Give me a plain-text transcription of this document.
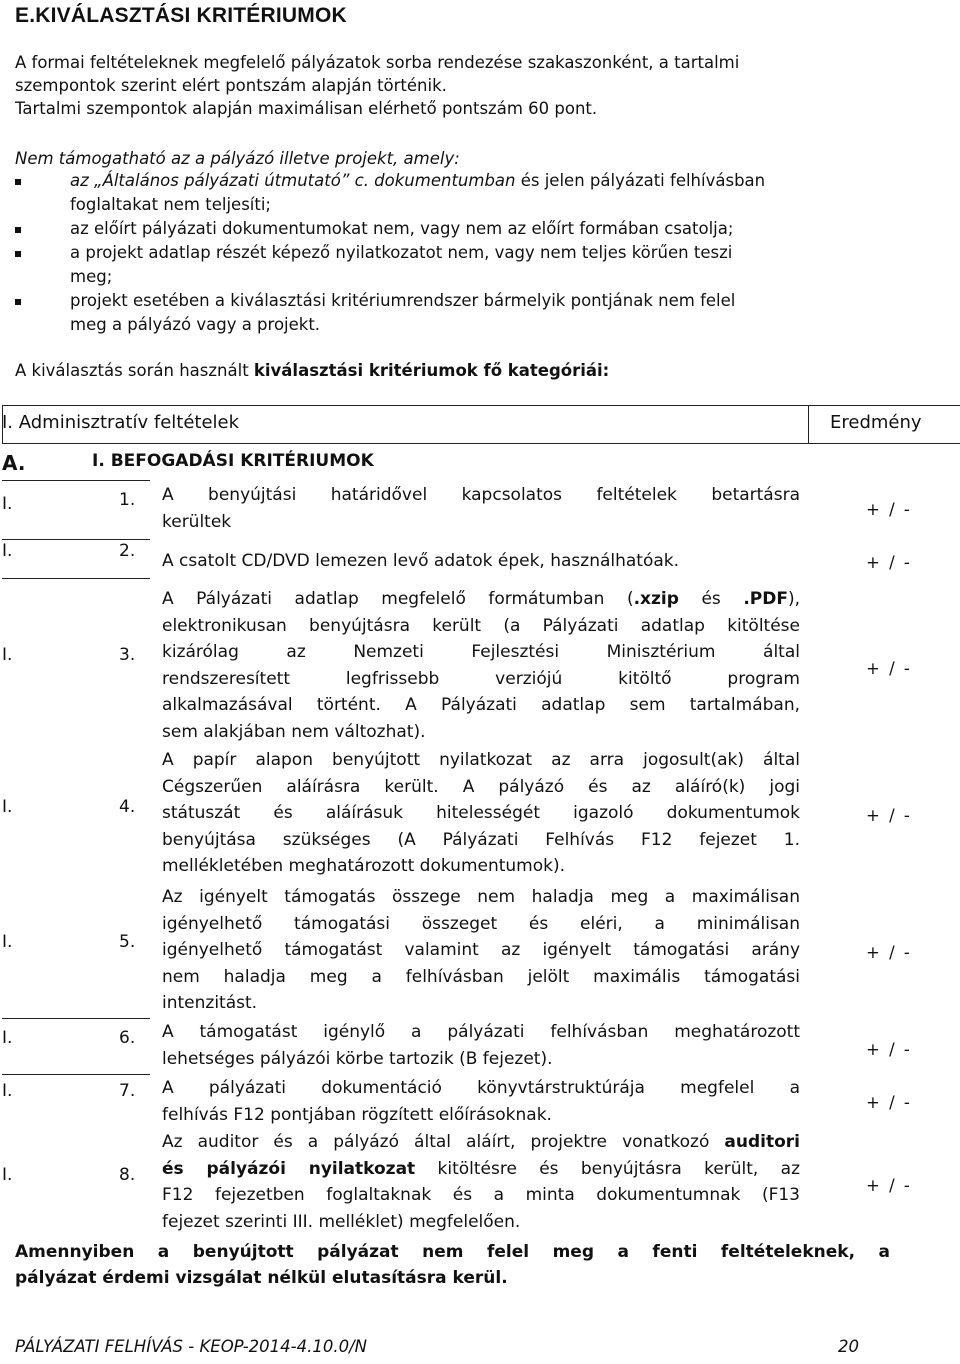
E.KIVÁLASZTÁSI KRITÉRIUMOK
A formai feltételeknek megfelelő pályázatok sorba rendezése szakaszonként, a tartalmi
szempontok szerint elért pontszám alapján történik.
Tartalmi szempontok alapján maximálisan elérhető pontszám 60 pont.
Nem támogatható az a pályázó illetve projekt, amely:
az „Általános pályázati útmutató” c. dokumentumban és jelen pályázati felhívásban
foglaltakat nem teljesíti;
az előírt pályázati dokumentumokat nem, vagy nem az előírt formában csatolja;
a projekt adatlap részét képező nyilatkozatot nem, vagy nem teljes körűen teszi
meg;
projekt esetében a kiválasztási kritériumrendszer bármelyik pontjának nem felel
meg a pályázó vagy a projekt.
A kiválasztás során használt kiválasztási kritériumok fő kategóriái:
I. Adminisztratív feltételek	Eredmény
A.	I. BEFOGADÁSI KRITÉRIUMOK
I.	1. A benyújtási határidővel kapcsolatos feltételek betartásra
kerültek
+ / -
I.	2. A csatolt CD/DVD lemezen levő adatok épek, használhatóak.	+ / -
I.	3.
A Pályázati adatlap megfelelő formátumban (.xzip és .PDF),
elektronikusan benyújtásra került (a Pályázati adatlap kitöltése
kizárólag az Nemzeti Fejlesztési Minisztérium által
rendszeresített legfrissebb verziójú kitöltő program
alkalmazásával történt. A Pályázati adatlap sem tartalmában,
sem alakjában nem változhat).
+ / -
I.	4.
A papír alapon benyújtott nyilatkozat az arra jogosult(ak) által
Cégszerűen aláírásra került. A pályázó és az aláíró(k) jogi
státuszát és aláírásuk hitelességét igazoló dokumentumok
benyújtása szükséges (A Pályázati Felhívás F12 fejezet 1.
mellékletében meghatározott dokumentumok).
+ / -
I.	5.
Az igényelt támogatás összege nem haladja meg a maximálisan
igényelhető támogatási összeget és eléri, a minimálisan
igényelhető támogatást valamint az igényelt támogatási arány
nem haladja meg a felhívásban jelölt maximális támogatási
intenzitást.
+ / -
I.	6. A támogatást igénylő a pályázati felhívásban meghatározott
lehetséges pályázói körbe tartozik (B fejezet).	+ / -
I.	7. A pályázati dokumentáció könyvtárstruktúrája megfelel a
felhívás F12 pontjában rögzített előírásoknak.
+ / -
I.	8.
Az auditor és a pályázó által aláírt, projektre vonatkozó auditori
és pályázói nyilatkozat kitöltésre és benyújtásra került, az
F12 fejezetben foglaltaknak és a minta dokumentumnak (F13
fejezet szerinti III. melléklet) megfelelően.
+ / -
Amennyiben a benyújtott pályázat nem felel meg a fenti feltételeknek, a
pályázat érdemi vizsgálat nélkül elutasításra kerül.
PÁLYÁZATI FELHÍVÁS - KEOP-2014-4.10.0/N	20
